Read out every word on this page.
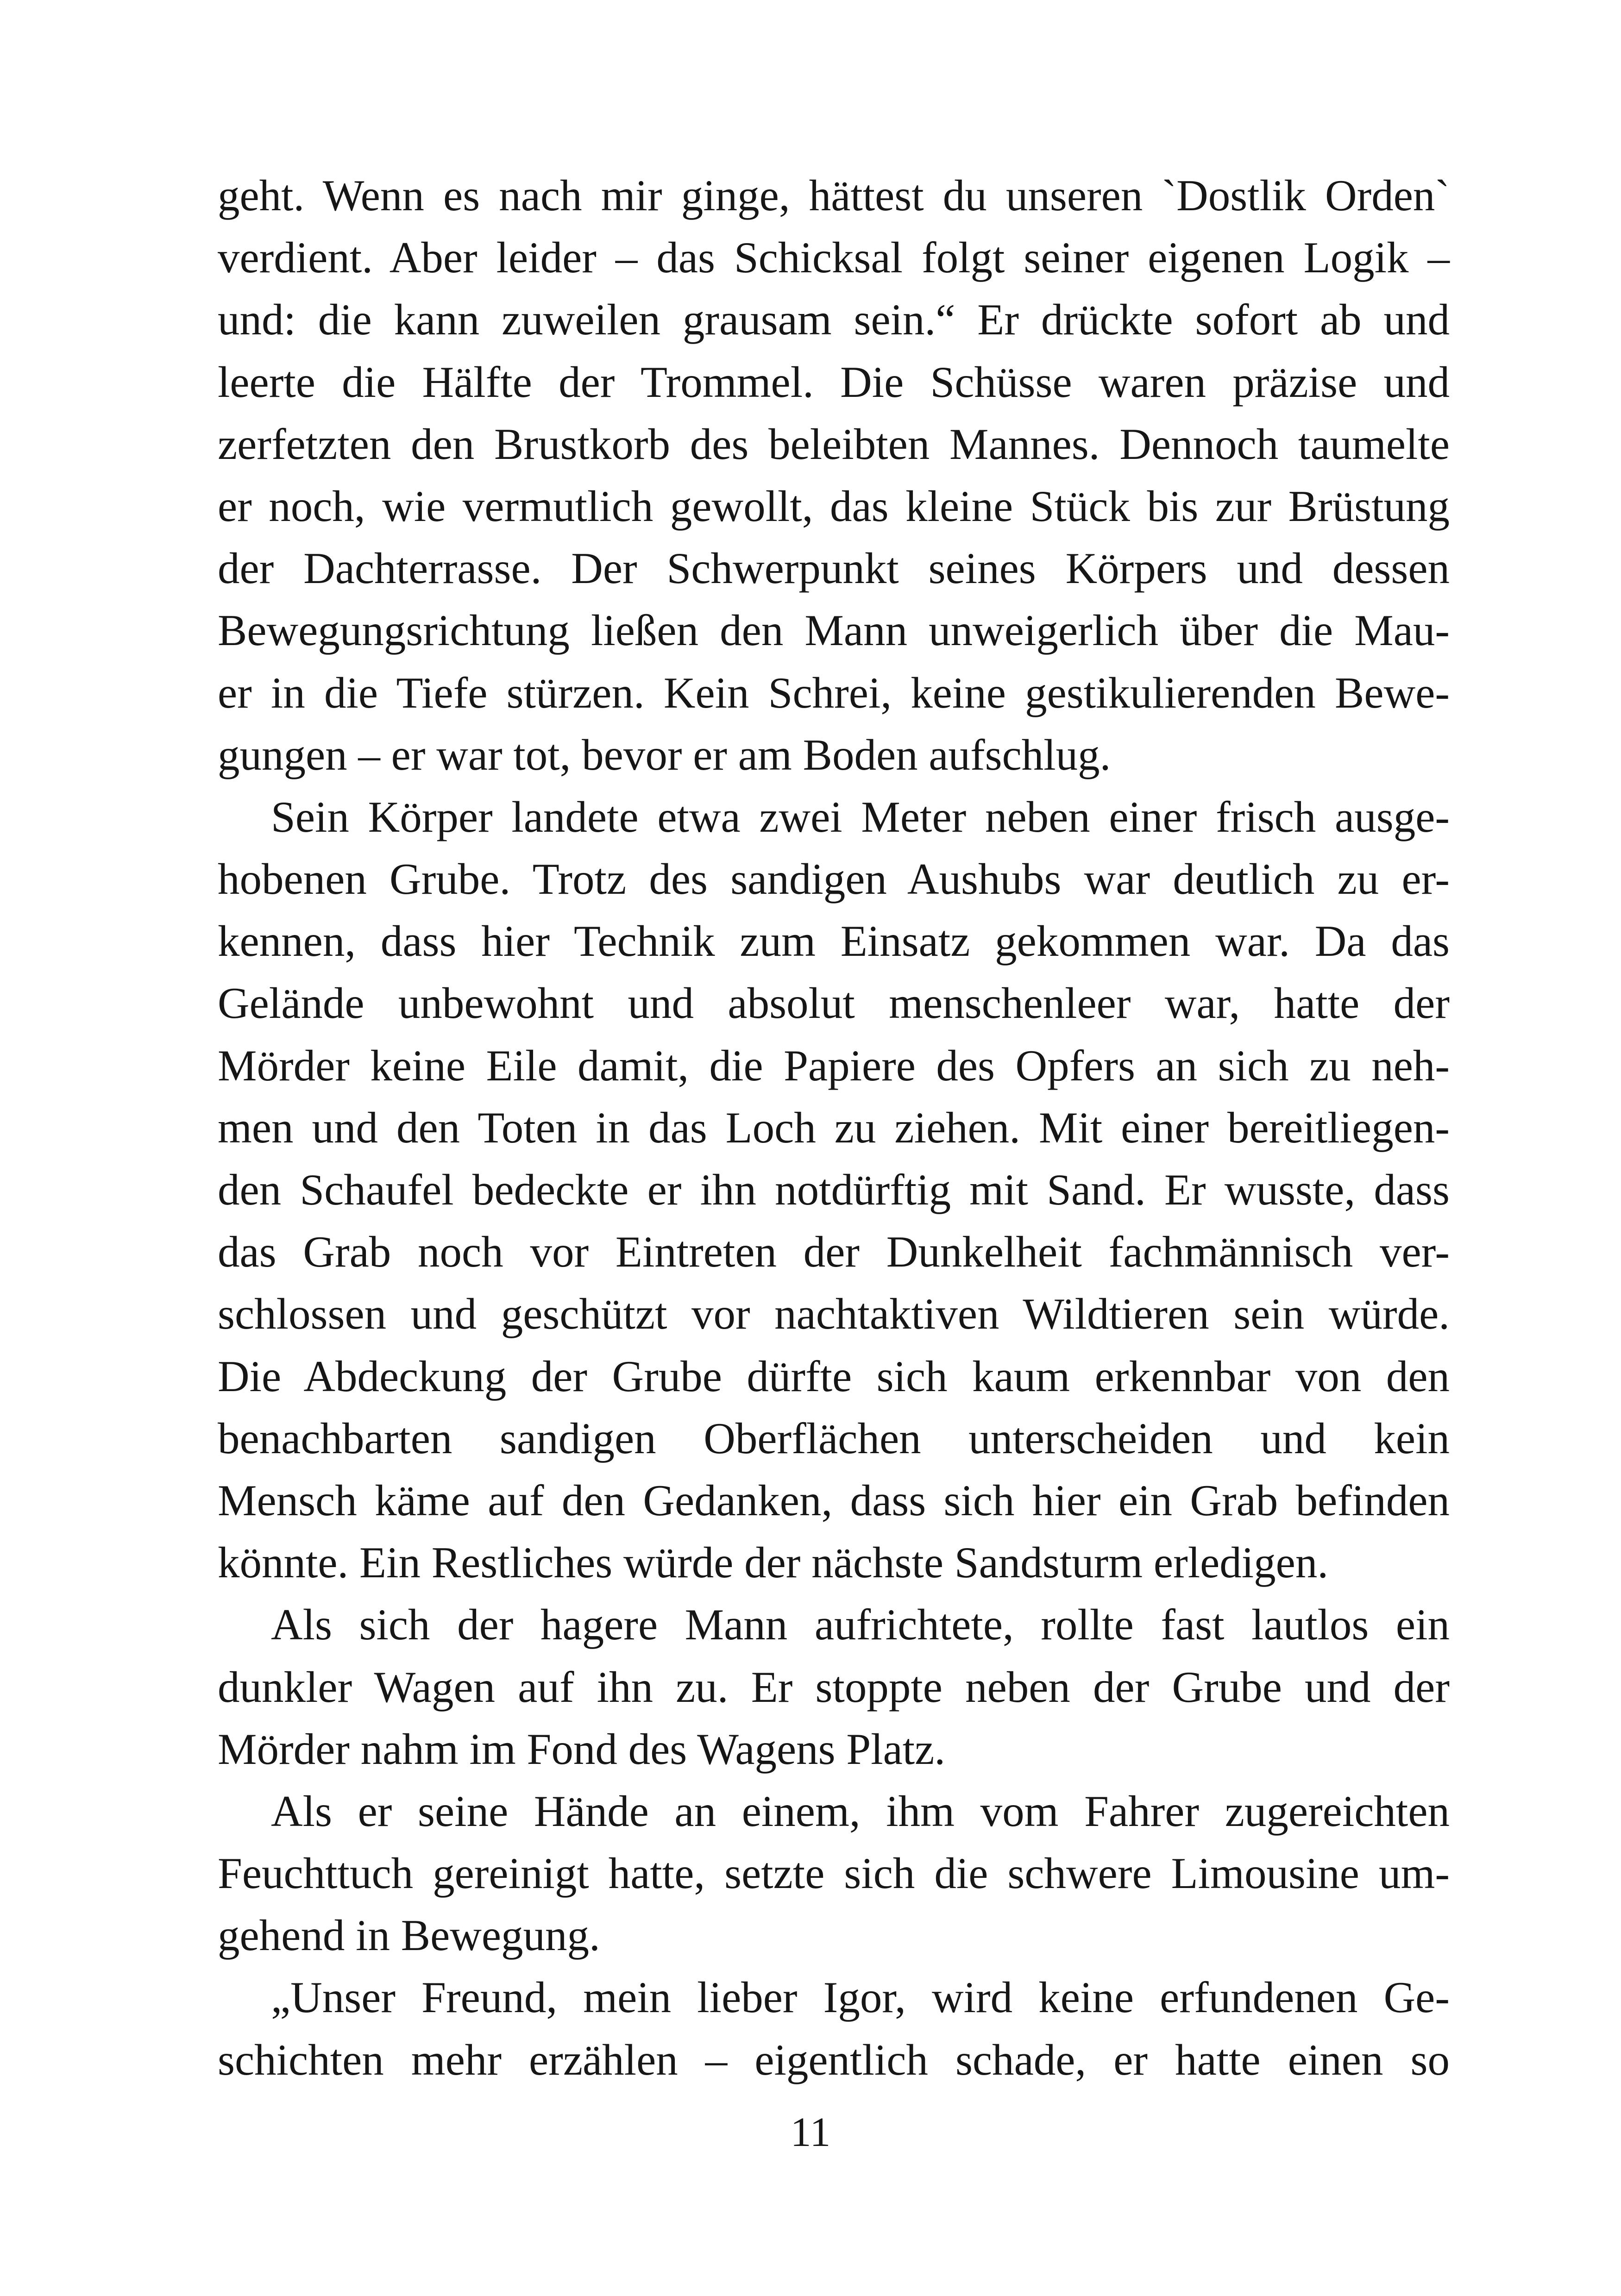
geht. Wenn es nach mir ginge, hättest du unseren `Dostlik Orden`
verdient. Aber leider – das Schicksal folgt seiner eigenen Logik –
und: die kann zuweilen grausam sein.“ Er drückte sofort ab und
leerte die Hälfte der Trommel. Die Schüsse waren präzise und
zerfetzten den Brustkorb des beleibten Mannes. Dennoch taumelte
er noch, wie vermutlich gewollt, das kleine Stück bis zur Brüstung
der Dachterrasse. Der Schwerpunkt seines Körpers und dessen
Bewegungsrichtung ließen den Mann unweigerlich über die Mau-
er in die Tiefe stürzen. Kein Schrei, keine gestikulierenden Bewe-
gungen – er war tot, bevor er am Boden aufschlug.
Sein Körper landete etwa zwei Meter neben einer frisch ausge-
hobenen Grube. Trotz des sandigen Aushubs war deutlich zu er-
kennen, dass hier Technik zum Einsatz gekommen war. Da das
Gelände unbewohnt und absolut menschenleer war, hatte der
Mörder keine Eile damit, die Papiere des Opfers an sich zu neh-
men und den Toten in das Loch zu ziehen. Mit einer bereitliegen-
den Schaufel bedeckte er ihn notdürftig mit Sand. Er wusste, dass
das Grab noch vor Eintreten der Dunkelheit fachmännisch ver-
schlossen und geschützt vor nachtaktiven Wildtieren sein würde.
Die Abdeckung der Grube dürfte sich kaum erkennbar von den
benachbarten sandigen Oberflächen unterscheiden und kein
Mensch käme auf den Gedanken, dass sich hier ein Grab befinden
könnte. Ein Restliches würde der nächste Sandsturm erledigen.
Als sich der hagere Mann aufrichtete, rollte fast lautlos ein
dunkler Wagen auf ihn zu. Er stoppte neben der Grube und der
Mörder nahm im Fond des Wagens Platz.
Als er seine Hände an einem, ihm vom Fahrer zugereichten
Feuchttuch gereinigt hatte, setzte sich die schwere Limousine um-
gehend in Bewegung.
„Unser Freund, mein lieber Igor, wird keine erfundenen Ge-
schichten mehr erzählen – eigentlich schade, er hatte einen so
11
